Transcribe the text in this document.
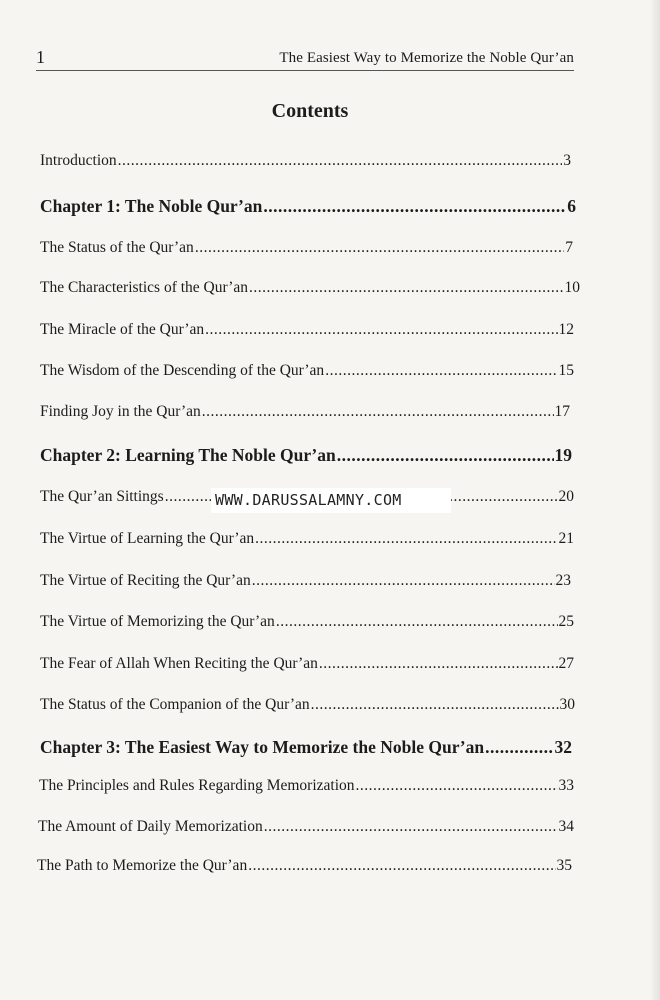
1	The Easiest Way to Memorize the Noble Qur’an
Contents
Introduction .....	3
Chapter 1: The Noble Qur’an .....	6
The Status of the Qur’an .....	7
The Characteristics of the Qur’an .....	10
The Miracle of the Qur’an .....	12
The Wisdom of the Descending of the Qur’an .....	15
Finding Joy in the Qur’an .....	17
Chapter 2: Learning The Noble Qur’an .....	19
The Qur’an Sittings .....	20
The Virtue of Learning the Qur’an .....	21
The Virtue of Reciting the Qur’an .....	23
The Virtue of Memorizing the Qur’an .....	25
The Fear of Allah When Reciting the Qur’an .....	27
The Status of the Companion of the Qur’an .....	30
Chapter 3: The Easiest Way to Memorize the Noble Qur’an .....	32
The Principles and Rules Regarding Memorization .....	33
The Amount of Daily Memorization .....	34
The Path to Memorize the Qur’an .....	35
WWW.DARUSSALAMNY.COM
